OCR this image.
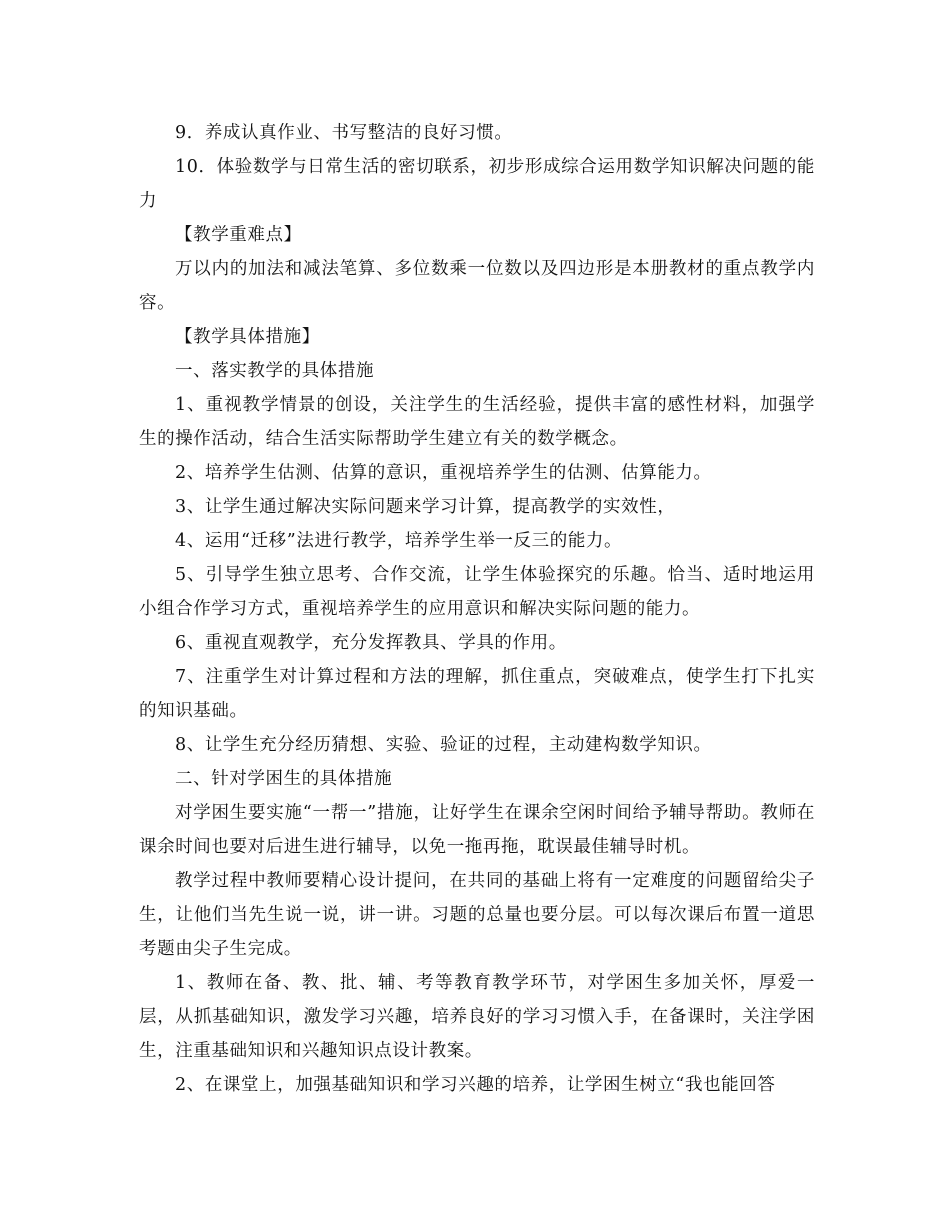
9．养成认真作业、书写整洁的良好习惯。

10．体验数学与日常生活的密切联系，初步形成综合运用数学知识解决问题的能力

【教学重难点】

万以内的加法和减法笔算、多位数乘一位数以及四边形是本册教材的重点教学内容。

【教学具体措施】

一、落实教学的具体措施

1、重视教学情景的创设，关注学生的生活经验，提供丰富的感性材料，加强学生的操作活动，结合生活实际帮助学生建立有关的数学概念。

2、培养学生估测、估算的意识，重视培养学生的估测、估算能力。

3、让学生通过解决实际问题来学习计算，提高教学的实效性，

4、运用“迁移”法进行教学，培养学生举一反三的能力。

5、引导学生独立思考、合作交流，让学生体验探究的乐趣。恰当、适时地运用小组合作学习方式，重视培养学生的应用意识和解决实际问题的能力。

6、重视直观教学，充分发挥教具、学具的作用。

7、注重学生对计算过程和方法的理解，抓住重点，突破难点，使学生打下扎实的知识基础。

8、让学生充分经历猜想、实验、验证的过程，主动建构数学知识。

二、针对学困生的具体措施

对学困生要实施“一帮一”措施，让好学生在课余空闲时间给予辅导帮助。教师在课余时间也要对后进生进行辅导，以免一拖再拖，耽误最佳辅导时机。

教学过程中教师要精心设计提问，在共同的基础上将有一定难度的问题留给尖子生，让他们当先生说一说，讲一讲。习题的总量也要分层。可以每次课后布置一道思考题由尖子生完成。

1、教师在备、教、批、辅、考等教育教学环节，对学困生多加关怀，厚爱一层，从抓基础知识，激发学习兴趣，培养良好的学习习惯入手，在备课时，关注学困生，注重基础知识和兴趣知识点设计教案。

2、在课堂上，加强基础知识和学习兴趣的培养，让学困生树立“我也能回答
